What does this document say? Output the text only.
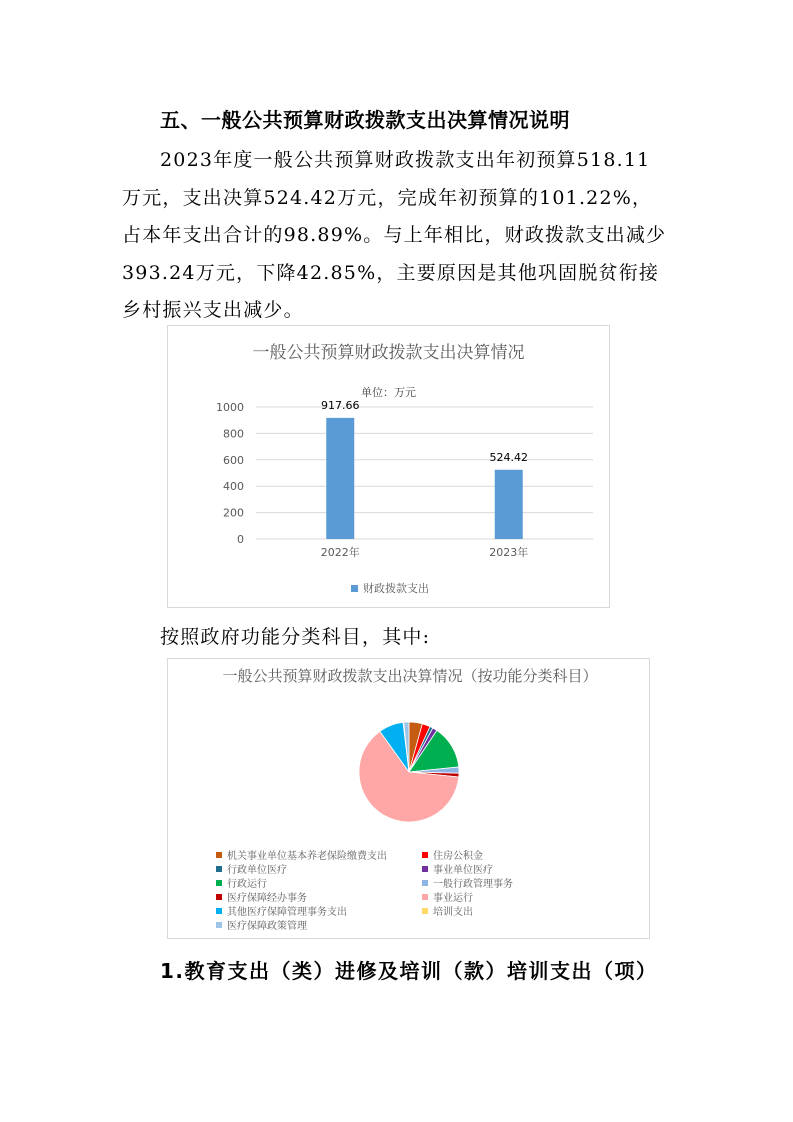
五、一般公共预算财政拨款支出决算情况说明

2023年度一般公共预算财政拨款支出年初预算518.11万元，支出决算524.42万元，完成年初预算的101.22%，占本年支出合计的98.89%。与上年相比，财政拨款支出减少393.24万元，下降42.85%，主要原因是其他巩固脱贫衔接乡村振兴支出减少。

一般公共预算财政拨款支出决算情况
单位：万元
0
200
400
600
800
1000	917.66
2022年
524.42
2023年
财政拨款支出
按照政府功能分类科目，其中:
一般公共预算财政拨款支出决算情况（按功能分类科目）
机关事业单位基本养老保险缴费支出	住房公积金
行政单位医疗	事业单位医疗
行政运行	一般行政管理事务
医疗保障经办事务	事业运行
其他医疗保障管理事务支出	培训支出
医疗保障政策管理
1.教育支出（类）进修及培训（款）培训支出（项）
